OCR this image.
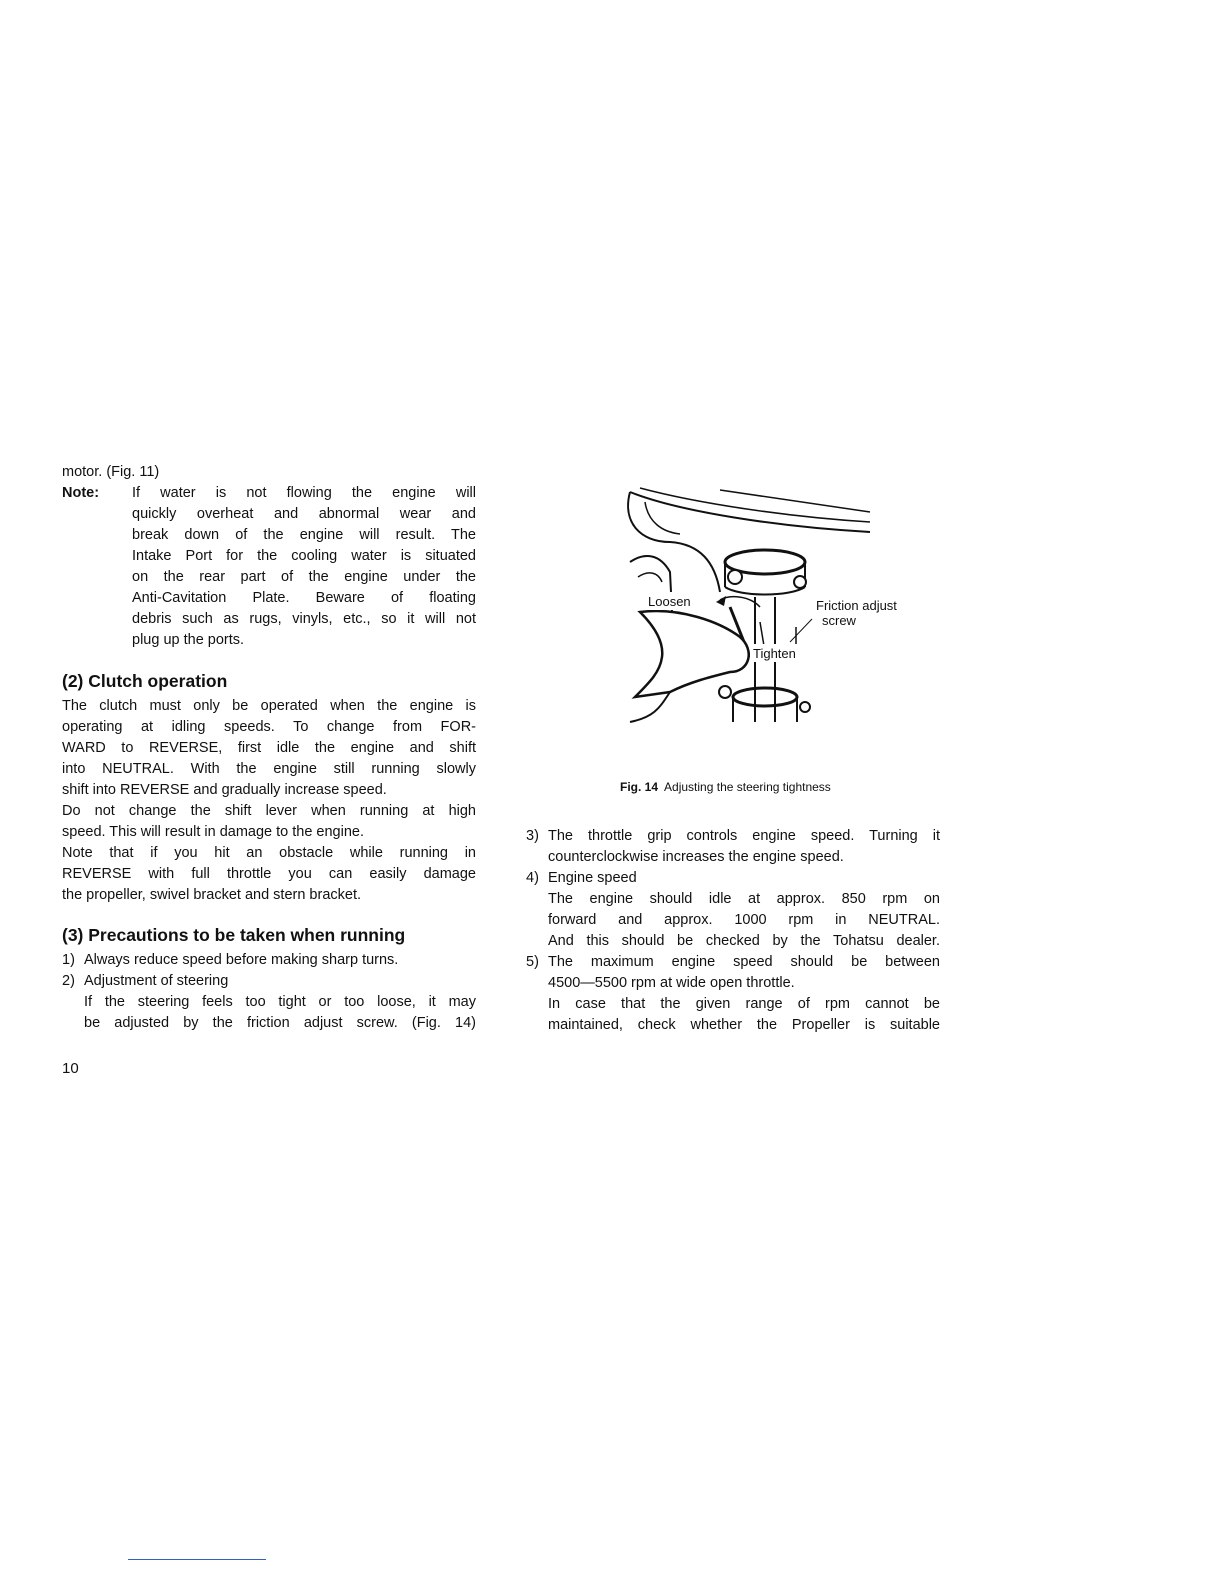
motor. (Fig. 11)

Note:	If water is not flowing the engine will

quickly overheat and abnormal wear and

break down of the engine will result. The

Intake Port for the cooling water is situated

on the rear part of the engine under the

Anti-Cavitation Plate. Beware of floating

debris such as rugs, vinyls, etc., so it will not

plug up the ports.

(2) Clutch operation

The clutch must only be operated when the engine is

operating at idling speeds. To change from FOR-

WARD to REVERSE, first idle the engine and shift

into NEUTRAL. With the engine still running slowly

shift into REVERSE and gradually increase speed.

Do not change the shift lever when running at high

speed. This will result in damage to the engine.

Note that if you hit an obstacle while running in

REVERSE with full throttle you can easily damage

the propeller, swivel bracket and stern bracket.

(3) Precautions to be taken when running
1) Always reduce speed before making sharp turns.

2) Adjustment of steering

If the steering feels too tight or too loose, it may

be adjusted by the friction adjust screw. (Fig. 14)

10
Loosen	Friction adjust
screw
Tighten
Fig. 14 Adjusting the steering tightness
3) The throttle grip controls engine speed. Turning it

counterclockwise increases the engine speed.

4) Engine speed

The engine should idle at approx. 850 rpm on

forward and approx. 1000 rpm in NEUTRAL.

And this should be checked by the Tohatsu dealer.

5) The maximum engine speed should be between

4500—5500 rpm at wide open throttle.

In case that the given range of rpm cannot be

maintained, check whether the Propeller is suitable
